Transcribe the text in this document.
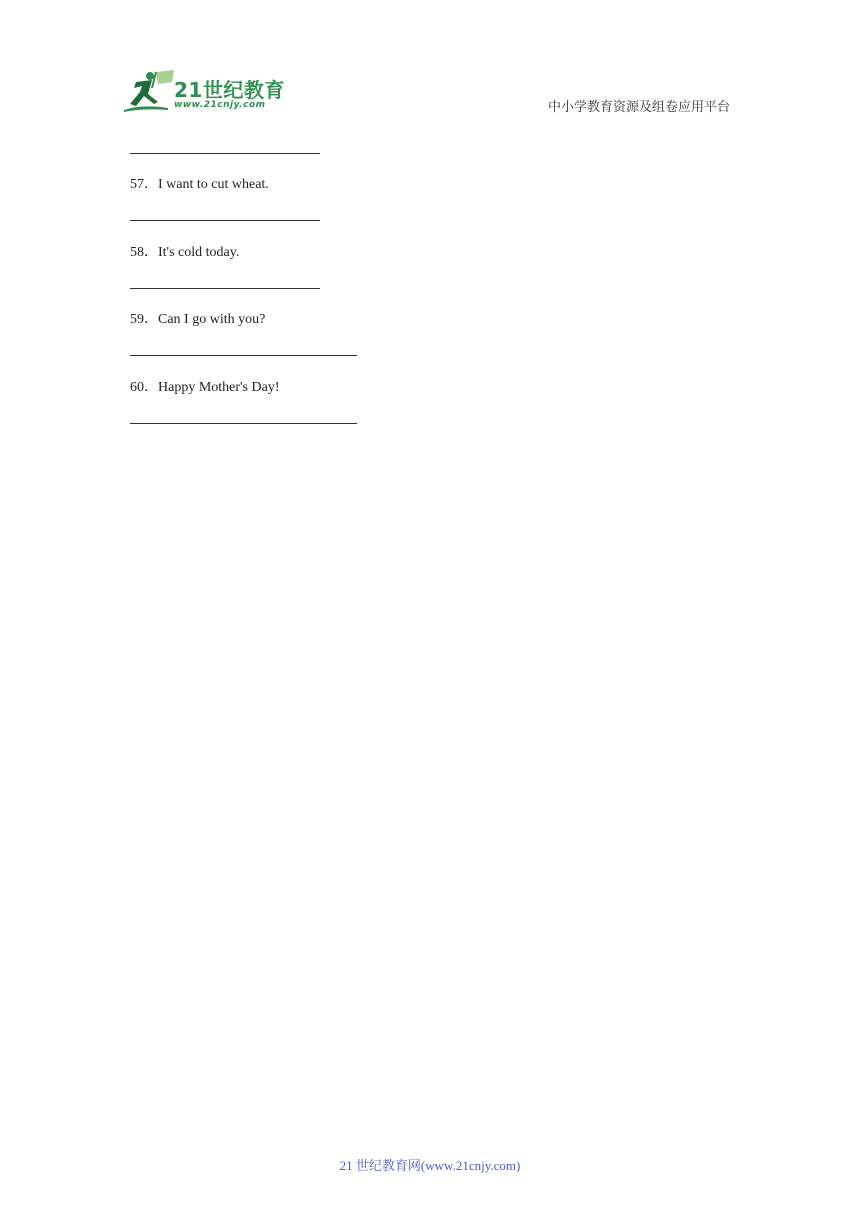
21世纪教育
www.21cnjy.com	中小学教育资源及组卷应用平台
57．I want to cut wheat.
58．It's cold today.
59．Can I go with you?
60．Happy Mother's Day!
21 世纪教育网(www.21cnjy.com)
